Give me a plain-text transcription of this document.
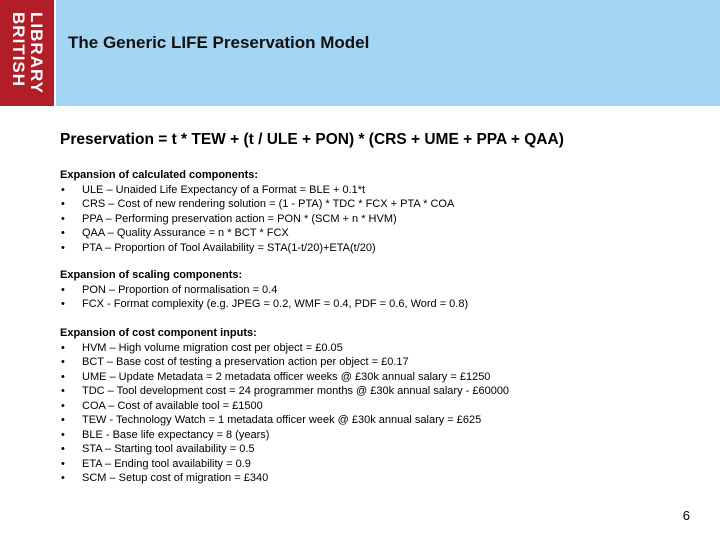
LIBRARY
BRITISH The Generic LIFE Preservation Model
Preservation = t * TEW + (t / ULE + PON) * (CRS + UME + PPA + QAA)
Expansion of calculated components:
• ULE – Unaided Life Expectancy of a Format = BLE + 0.1*t
• CRS – Cost of new rendering solution = (1 - PTA) * TDC * FCX + PTA * COA
• PPA – Performing preservation action = PON * (SCM + n * HVM)
• QAA – Quality Assurance = n * BCT * FCX
• PTA – Proportion of Tool Availability = STA(1-t/20)+ETA(t/20)
Expansion of scaling components:
• PON – Proportion of normalisation = 0.4
• FCX - Format complexity (e.g. JPEG = 0.2, WMF = 0.4, PDF = 0.6, Word = 0.8)
Expansion of cost component inputs:
• HVM – High volume migration cost per object = £0.05
• BCT – Base cost of testing a preservation action per object = £0.17
• UME – Update Metadata = 2 metadata officer weeks @ £30k annual salary = £1250
• TDC – Tool development cost = 24 programmer months @ £30k annual salary - £60000
• COA – Cost of available tool = £1500
• TEW - Technology Watch = 1 metadata officer week @ £30k annual salary = £625
• BLE - Base life expectancy = 8 (years)
• STA – Starting tool availability = 0.5
• ETA – Ending tool availability = 0.9
• SCM – Setup cost of migration = £340
6
